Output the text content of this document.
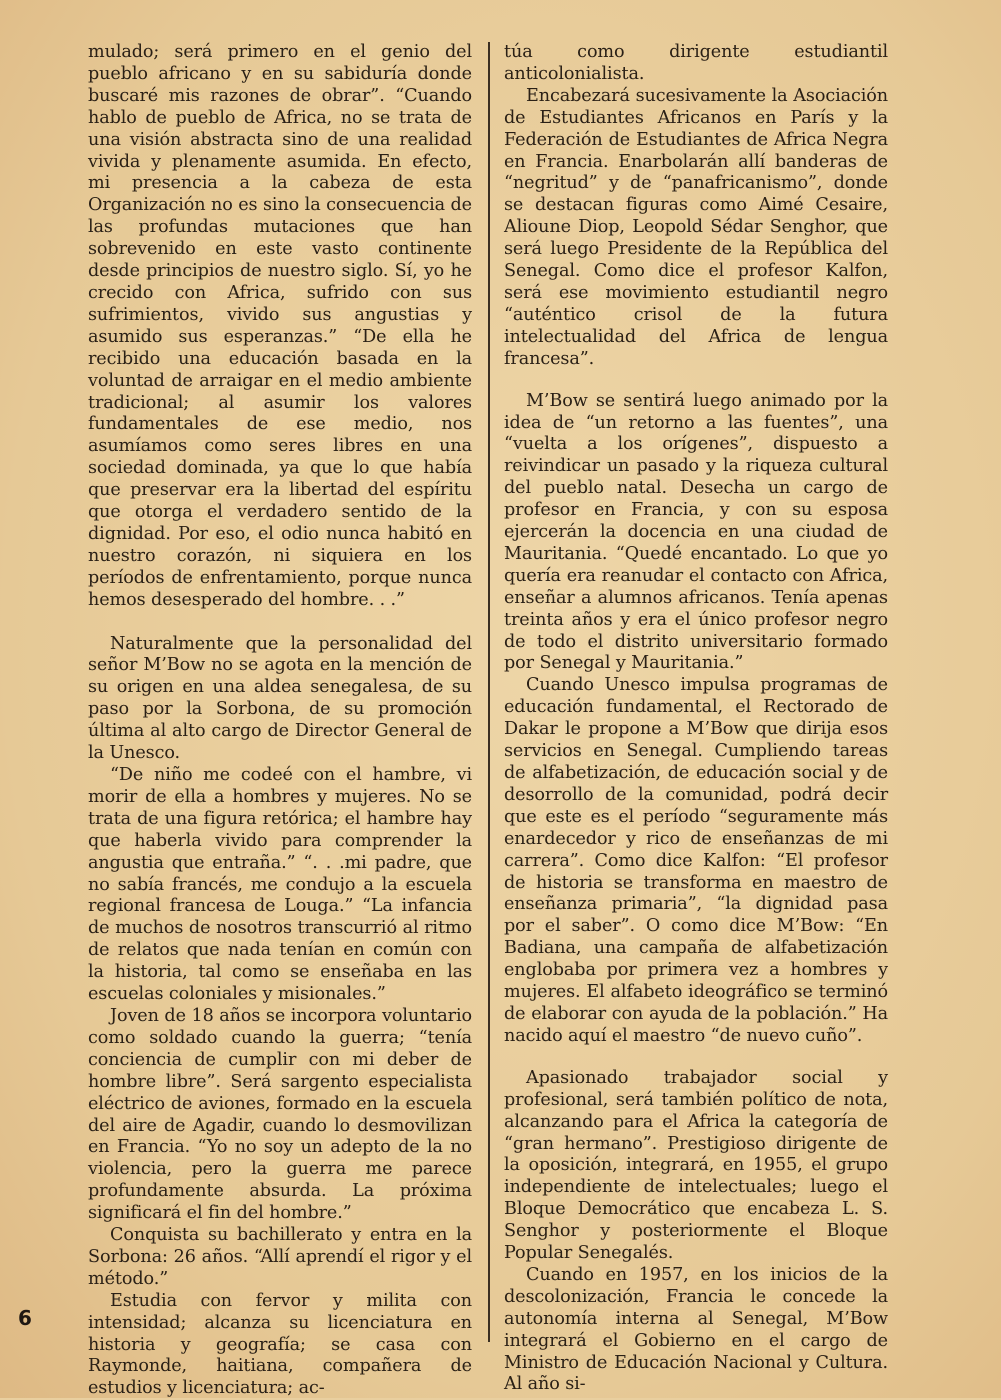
mulado; será primero en el genio del pueblo africano y en su sabiduría donde buscaré mis razones de obrar”. “Cuando hablo de pueblo de Africa, no se trata de una visión abstracta sino de una realidad vivida y plenamente asumida. En efecto, mi presencia a la cabeza de esta Organización no es sino la consecuencia de las profundas mutaciones que han sobrevenido en este vasto continente desde principios de nuestro siglo. Sí, yo he crecido con Africa, sufrido con sus sufrimientos, vivido sus angustias y asumido sus esperanzas.” “De ella he recibido una educación basada en la voluntad de arraigar en el medio ambiente tradicional; al asumir los valores fundamentales de ese medio, nos asumíamos como seres libres en una sociedad dominada, ya que lo que había que preservar era la libertad del espíritu que otorga el verdadero sentido de la dignidad. Por eso, el odio nunca habitó en nuestro corazón, ni siquiera en los períodos de enfrentamiento, porque nunca hemos desesperado del hombre. . .”

Naturalmente que la personalidad del señor M’Bow no se agota en la mención de su origen en una aldea senegalesa, de su paso por la Sorbona, de su promoción última al alto cargo de Director General de la Unesco.

“De niño me codeé con el hambre, vi morir de ella a hombres y mujeres. No se trata de una figura retórica; el hambre hay que haberla vivido para comprender la angustia que entraña.” “. . .mi padre, que no sabía francés, me condujo a la escuela regional francesa de Louga.” “La infancia de muchos de nosotros transcurrió al ritmo de relatos que nada tenían en común con la historia, tal como se enseñaba en las escuelas coloniales y misionales.”

Joven de 18 años se incorpora voluntario como soldado cuando la guerra; “tenía conciencia de cumplir con mi deber de hombre libre”. Será sargento especialista eléctrico de aviones, formado en la escuela del aire de Agadir, cuando lo desmovilizan en Francia. “Yo no soy un adepto de la no violencia, pero la guerra me parece profundamente absurda. La próxima significará el fin del hombre.”

Conquista su bachillerato y entra en la Sorbona: 26 años. “Allí aprendí el rigor y el método.”

Estudia con fervor y milita con intensidad; alcanza su licenciatura en historia y geografía; se casa con Raymonde, haitiana, compañera de estudios y licenciatura; ac-

túa como dirigente estudiantil anticolonialista.

Encabezará sucesivamente la Asociación de Estudiantes Africanos en París y la Federación de Estudiantes de Africa Negra en Francia. Enarbolarán allí banderas de “negritud” y de “panafricanismo”, donde se destacan figuras como Aimé Cesaire, Alioune Diop, Leopold Sédar Senghor, que será luego Presidente de la República del Senegal. Como dice el profesor Kalfon, será ese movimiento estudiantil negro “auténtico crisol de la futura intelectualidad del Africa de lengua francesa”.

M’Bow se sentirá luego animado por la idea de “un retorno a las fuentes”, una “vuelta a los orígenes”, dispuesto a reivindicar un pasado y la riqueza cultural del pueblo natal. Desecha un cargo de profesor en Francia, y con su esposa ejercerán la docencia en una ciudad de Mauritania. “Quedé encantado. Lo que yo quería era reanudar el contacto con Africa, enseñar a alumnos africanos. Tenía apenas treinta años y era el único profesor negro de todo el distrito universitario formado por Senegal y Mauritania.”

Cuando Unesco impulsa programas de educación fundamental, el Rectorado de Dakar le propone a M’Bow que dirija esos servicios en Senegal. Cumpliendo tareas de alfabetización, de educación social y de desorrollo de la comunidad, podrá decir que este es el período “seguramente más enardecedor y rico de enseñanzas de mi carrera”. Como dice Kalfon: “El profesor de historia se transforma en maestro de enseñanza primaria”, “la dignidad pasa por el saber”. O como dice M’Bow: “En Badiana, una campaña de alfabetización englobaba por primera vez a hombres y mujeres. El alfabeto ideográfico se terminó de elaborar con ayuda de la población.” Ha nacido aquí el maestro “de nuevo cuño”.

Apasionado trabajador social y profesional, será también político de nota, alcanzando para el Africa la categoría de “gran hermano”. Prestigioso dirigente de la oposición, integrará, en 1955, el grupo independiente de intelectuales; luego el Bloque Democrático que encabeza L. S. Senghor y posteriormente el Bloque Popular Senegalés.

Cuando en 1957, en los inicios de la descolonización, Francia le concede la autonomía interna al Senegal, M’Bow integrará el Gobierno en el cargo de Ministro de Educación Nacional y Cultura. Al año si-

6
